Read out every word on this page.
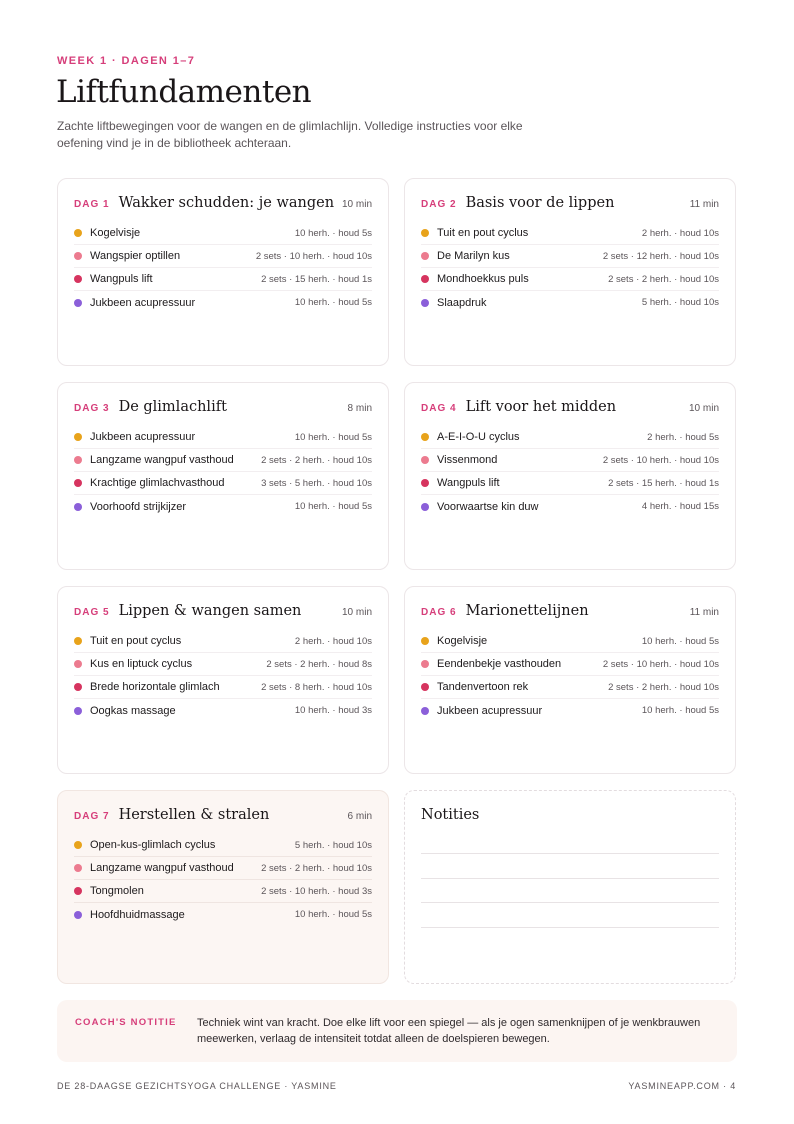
WEEK 1 · DAGEN 1–7
Liftfundamenten

Zachte liftbewegingen voor de wangen en de glimlachlijn. Volledige instructies voor elke oefening vind je in de bibliotheek achteraan.

DAG 1 Wakker schudden: je wangen 10 min
Kogelvisje	10 herh. · houd 5s
Wangspier optillen	2 sets · 10 herh. · houd 10s
Wangpuls lift	2 sets · 15 herh. · houd 1s
Jukbeen acupressuur	10 herh. · houd 5s
DAG 2 Basis voor de lippen	11 min
Tuit en pout cyclus	2 herh. · houd 10s
De Marilyn kus	2 sets · 12 herh. · houd 10s
Mondhoekkus puls	2 sets · 2 herh. · houd 10s
Slaapdruk	5 herh. · houd 10s
DAG 3 De glimlachlift	8 min
Jukbeen acupressuur	10 herh. · houd 5s
Langzame wangpuf vasthoud	2 sets · 2 herh. · houd 10s
Krachtige glimlachvasthoud	3 sets · 5 herh. · houd 10s
Voorhoofd strijkijzer	10 herh. · houd 5s
DAG 4 Lift voor het midden	10 min
A-E-I-O-U cyclus	2 herh. · houd 5s
Vissenmond	2 sets · 10 herh. · houd 10s
Wangpuls lift	2 sets · 15 herh. · houd 1s
Voorwaartse kin duw	4 herh. · houd 15s
DAG 5 Lippen & wangen samen	10 min
Tuit en pout cyclus	2 herh. · houd 10s
Kus en liptuck cyclus	2 sets · 2 herh. · houd 8s
Brede horizontale glimlach	2 sets · 8 herh. · houd 10s
Oogkas massage	10 herh. · houd 3s
DAG 6 Marionettelijnen	11 min
Kogelvisje	10 herh. · houd 5s
Eendenbekje vasthouden	2 sets · 10 herh. · houd 10s
Tandenvertoon rek	2 sets · 2 herh. · houd 10s
Jukbeen acupressuur	10 herh. · houd 5s
DAG 7 Herstellen & stralen	6 min
Open-kus-glimlach cyclus	5 herh. · houd 10s
Langzame wangpuf vasthoud	2 sets · 2 herh. · houd 10s
Tongmolen	2 sets · 10 herh. · houd 3s
Hoofdhuidmassage	10 herh. · houd 5s
Notities
COACH'S NOTITIE	Techniek wint van kracht. Doe elke lift voor een spiegel — als je ogen samenknijpen of je wenkbrauwen meewerken, verlaag de intensiteit totdat alleen de doelspieren bewegen.
DE 28-DAAGSE GEZICHTSYOGA CHALLENGE · YASMINE	YASMINEAPP.COM · 4
